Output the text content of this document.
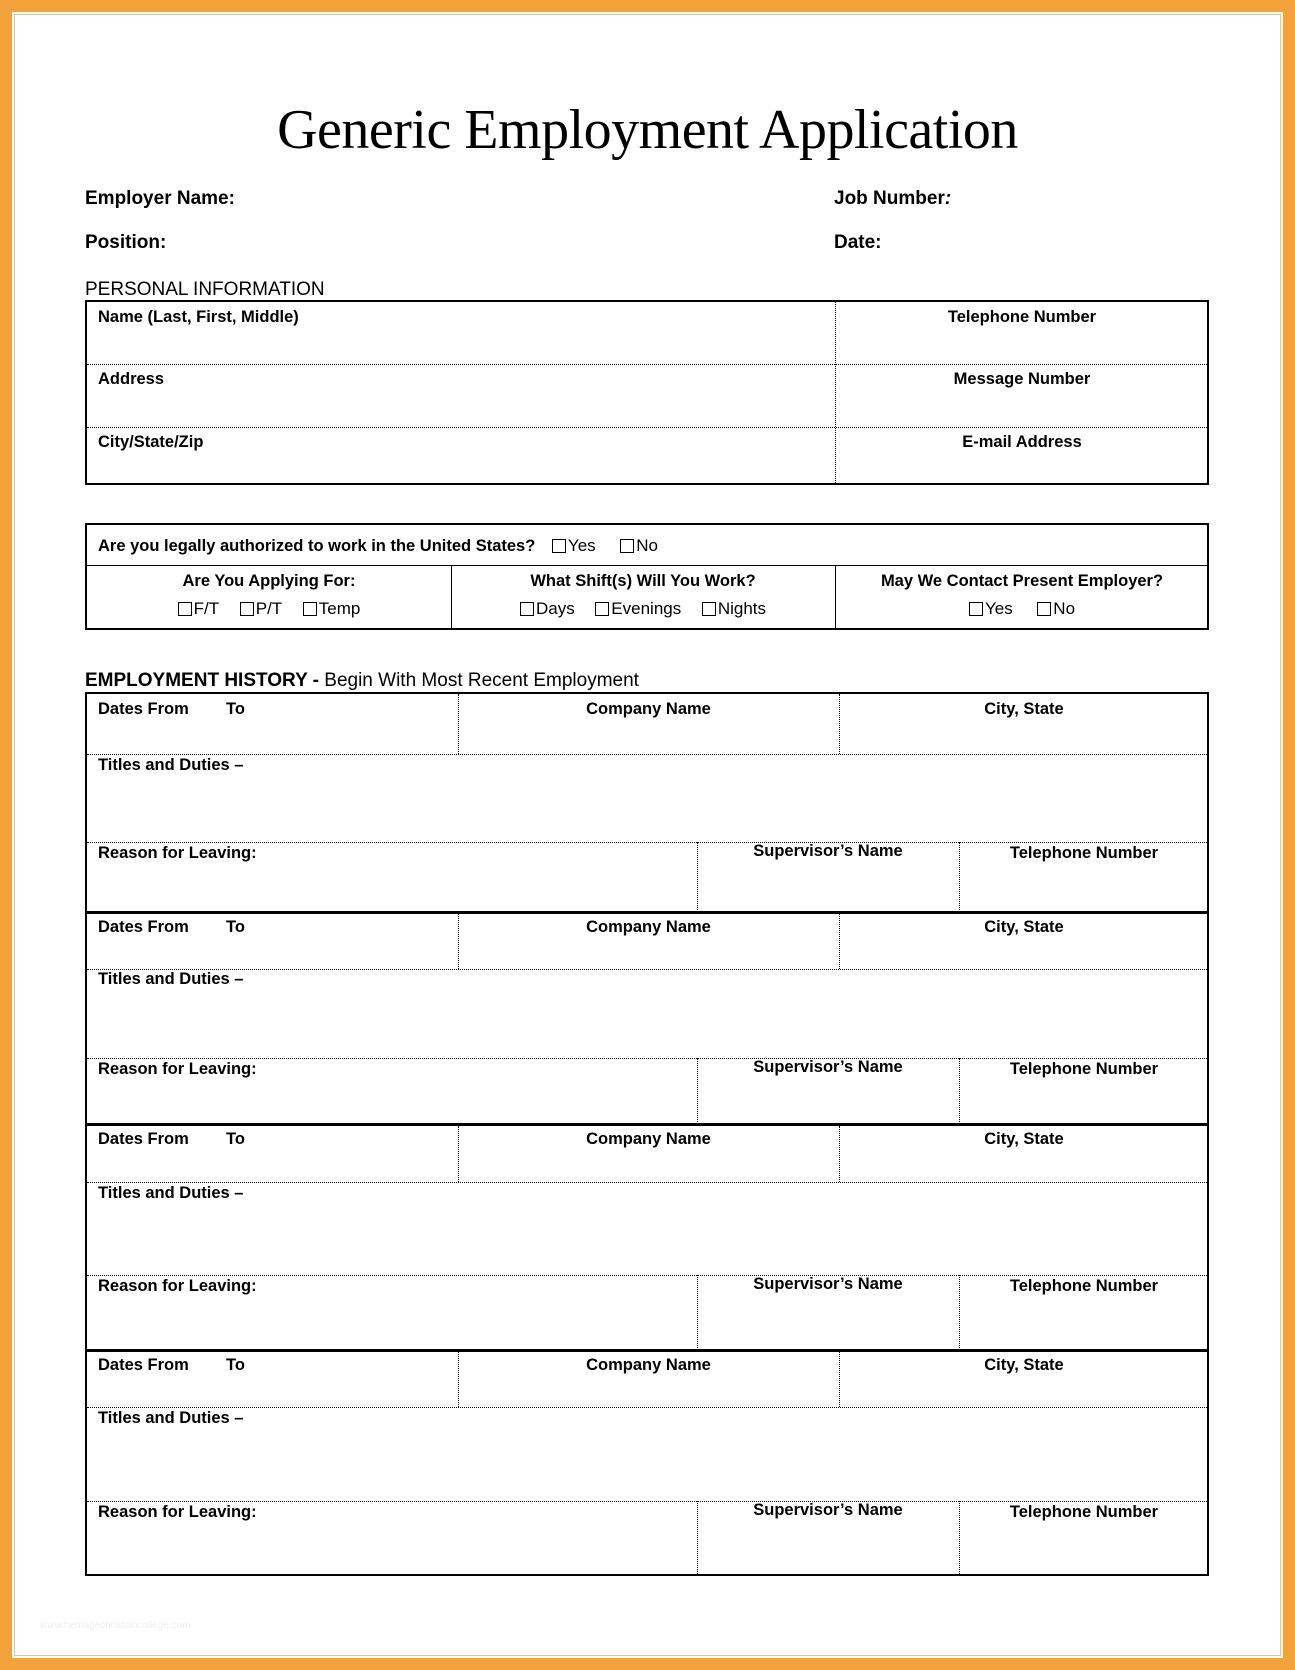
Generic Employment Application
Employer Name:	Job Number:
Position:	Date:
PERSONAL INFORMATION
Name (Last, First, Middle)	Telephone Number
Address	Message Number
City/State/Zip	E-mail Address
Are you legally authorized to work in the United States? Yes No
Are You Applying For:
F/T P/T Temp
What Shift(s) Will You Work?
Days Evenings Nights
May We Contact Present Employer?
Yes No
EMPLOYMENT HISTORY - Begin With Most Recent Employment
Dates From To	Company Name	City, State
Titles and Duties –
Reason for Leaving:	Supervisor’s Name	Telephone Number
Dates From To	Company Name	City, State
Titles and Duties –
Reason for Leaving:	Supervisor’s Name	Telephone Number
Dates From To	Company Name	City, State
Titles and Duties –
Reason for Leaving:	Supervisor’s Name	Telephone Number
Dates From To	Company Name	City, State
Titles and Duties –
Reason for Leaving:	Supervisor’s Name	Telephone Number
www.heritagechristiancollege.com
